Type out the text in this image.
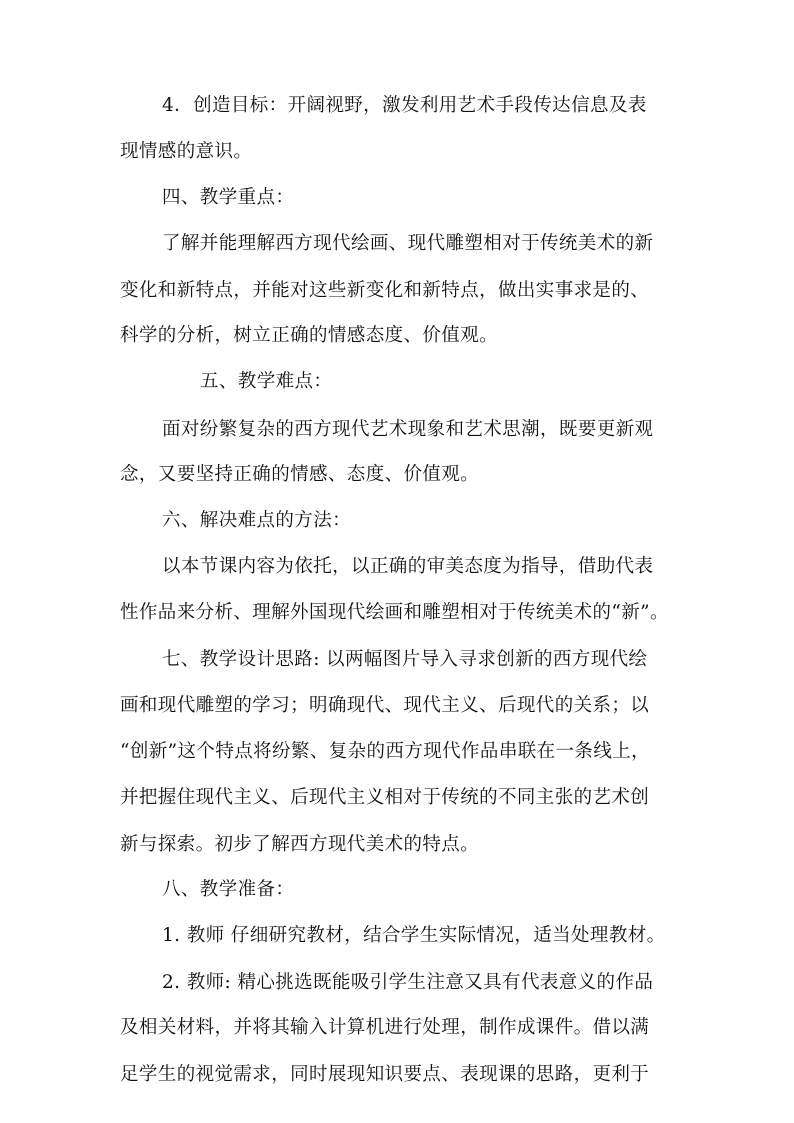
4．创造目标：开阔视野，激发利用艺术手段传达信息及表
现情感的意识。
四、教学重点：
了解并能理解西方现代绘画、现代雕塑相对于传统美术的新
变化和新特点，并能对这些新变化和新特点，做出实事求是的、
科学的分析，树立正确的情感态度、价值观。
五、教学难点：
面对纷繁复杂的西方现代艺术现象和艺术思潮，既要更新观
念，又要坚持正确的情感、态度、价值观。
六、解决难点的方法：
以本节课内容为依托，以正确的审美态度为指导，借助代表
性作品来分析、理解外国现代绘画和雕塑相对于传统美术的“新”。
七、教学设计思路: 以两幅图片导入寻求创新的西方现代绘
画和现代雕塑的学习；明确现代、现代主义、后现代的关系；以
“创新”这个特点将纷繁、复杂的西方现代作品串联在一条线上，
并把握住现代主义、后现代主义相对于传统的不同主张的艺术创
新与探索。初步了解西方现代美术的特点。
八、教学准备：
1. 教师 仔细研究教材，结合学生实际情况，适当处理教材。
2. 教师: 精心挑选既能吸引学生注意又具有代表意义的作品
及相关材料，并将其输入计算机进行处理，制作成课件。借以满
足学生的视觉需求，同时展现知识要点、表现课的思路，更利于
